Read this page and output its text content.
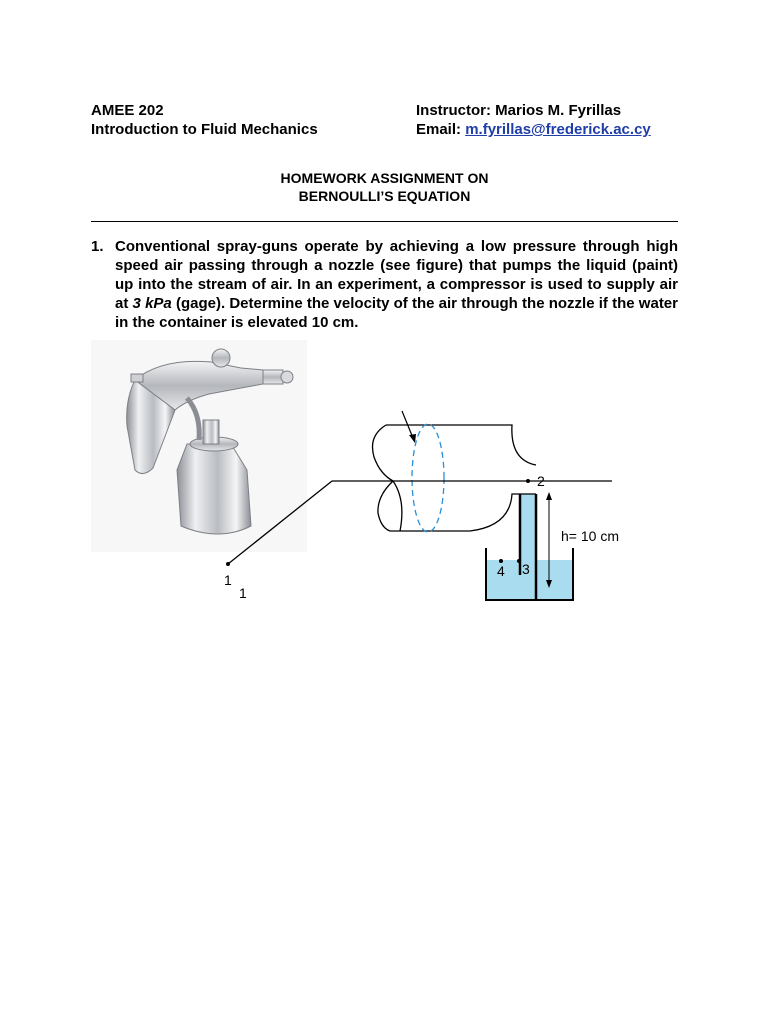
AMEE 202
Introduction to Fluid Mechanics
Instructor: Marios M. Fyrillas
Email: m.fyrillas@frederick.ac.cy
HOMEWORK ASSIGNMENT ON
BERNOULLI’S EQUATION
1. Conventional spray-guns operate by achieving a low pressure through high speed air passing through a nozzle (see figure) that pumps the liquid (paint) up into the stream of air. In an experiment, a compressor is used to supply air at 3 kPa (gage). Determine the velocity of the air through the nozzle if the water in the container is elevated 10 cm.
1
1
2
4 3
h= 10 cm
